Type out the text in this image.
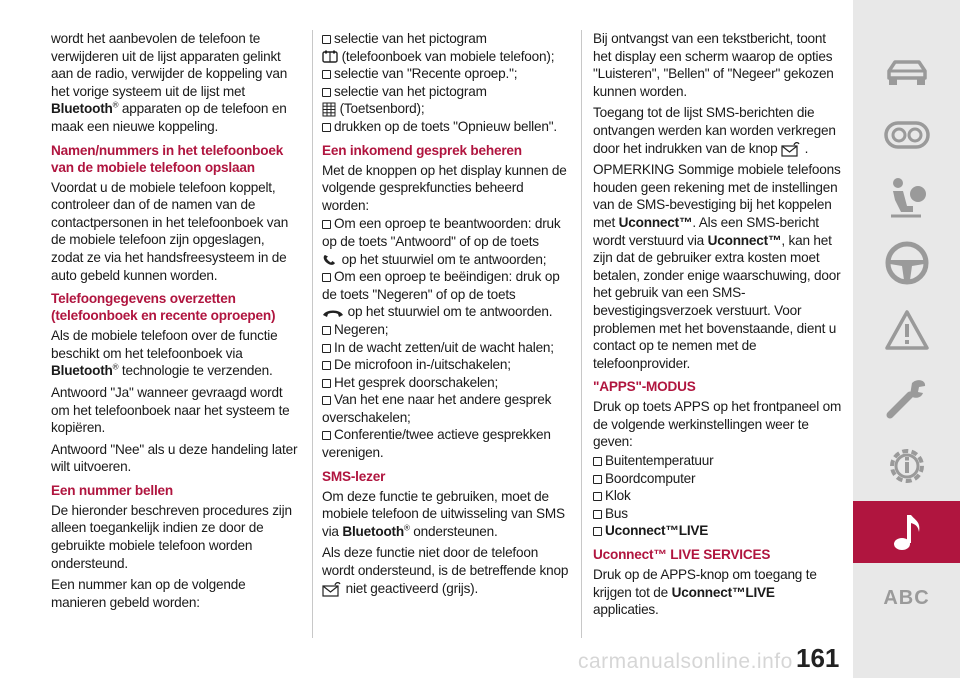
wordt het aanbevolen de telefoon te verwijderen uit de lijst apparaten gelinkt aan de radio, verwijder de koppeling van het vorige systeem uit de lijst met Bluetooth® apparaten op de telefoon en maak een nieuwe koppeling.

Namen/nummers in het telefoonboek van de mobiele telefoon opslaan

Voordat u de mobiele telefoon koppelt, controleer dan of de namen van de contactpersonen in het telefoonboek van de mobiele telefoon zijn opgeslagen, zodat ze via het handsfreesysteem in de auto gebeld kunnen worden.

Telefoongegevens overzetten (telefoonboek en recente oproepen)

Als de mobiele telefoon over de functie beschikt om het telefoonboek via Bluetooth® technologie te verzenden.

Antwoord "Ja" wanneer gevraagd wordt om het telefoonboek naar het systeem te kopiëren.

Antwoord "Nee" als u deze handeling later wilt uitvoeren.

Een nummer bellen

De hieronder beschreven procedures zijn alleen toegankelijk indien ze door de gebruikte mobiele telefoon worden ondersteund.

Een nummer kan op de volgende manieren gebeld worden:

selectie van het pictogram
(telefoonboek van mobiele telefoon);
selectie van "Recente oproep.";
selectie van het pictogram
(Toetsenbord);
drukken op de toets "Opnieuw bellen".
Een inkomend gesprek beheren

Met de knoppen op het display kunnen de volgende gesprekfuncties beheerd worden:

Om een oproep te beantwoorden: druk op de toets "Antwoord" of op de toets
op het stuurwiel om te antwoorden;
Om een oproep te beëindigen: druk op de toets "Negeren" of op de toets
op het stuurwiel om te antwoorden.
Negeren;
In de wacht zetten/uit de wacht halen;
De microfoon in-/uitschakelen;
Het gesprek doorschakelen;
Van het ene naar het andere gesprek overschakelen;
Conferentie/twee actieve gesprekken verenigen.
SMS-lezer

Om deze functie te gebruiken, moet de mobiele telefoon de uitwisseling van SMS via Bluetooth® ondersteunen.

Als deze functie niet door de telefoon wordt ondersteund, is de betreffende knop  niet geactiveerd (grijs).

Bij ontvangst van een tekstbericht, toont het display een scherm waarop de opties "Luisteren", "Bellen" of "Negeer" gekozen kunnen worden.

Toegang tot de lijst SMS-berichten die ontvangen werden kan worden verkregen door het indrukken van de knop .

OPMERKING Sommige mobiele telefoons houden geen rekening met de instellingen van de SMS-bevestiging bij het koppelen met Uconnect™. Als een SMS-bericht wordt verstuurd via Uconnect™, kan het zijn dat de gebruiker extra kosten moet betalen, zonder enige waarschuwing, door het gebruik van een SMS-bevestigingsverzoek verstuurt. Voor problemen met het bovenstaande, dient u contact op te nemen met de telefoonprovider.

"APPS"-MODUS

Druk op toets APPS op het frontpaneel om de volgende werkinstellingen weer te geven:

Buitentemperatuur
Boordcomputer
Klok
Bus
Uconnect™LIVE
Uconnect™ LIVE SERVICES

Druk op de APPS-knop om toegang te krijgen tot de Uconnect™LIVE applicaties.

ABC
161
carmanualsonline.info
